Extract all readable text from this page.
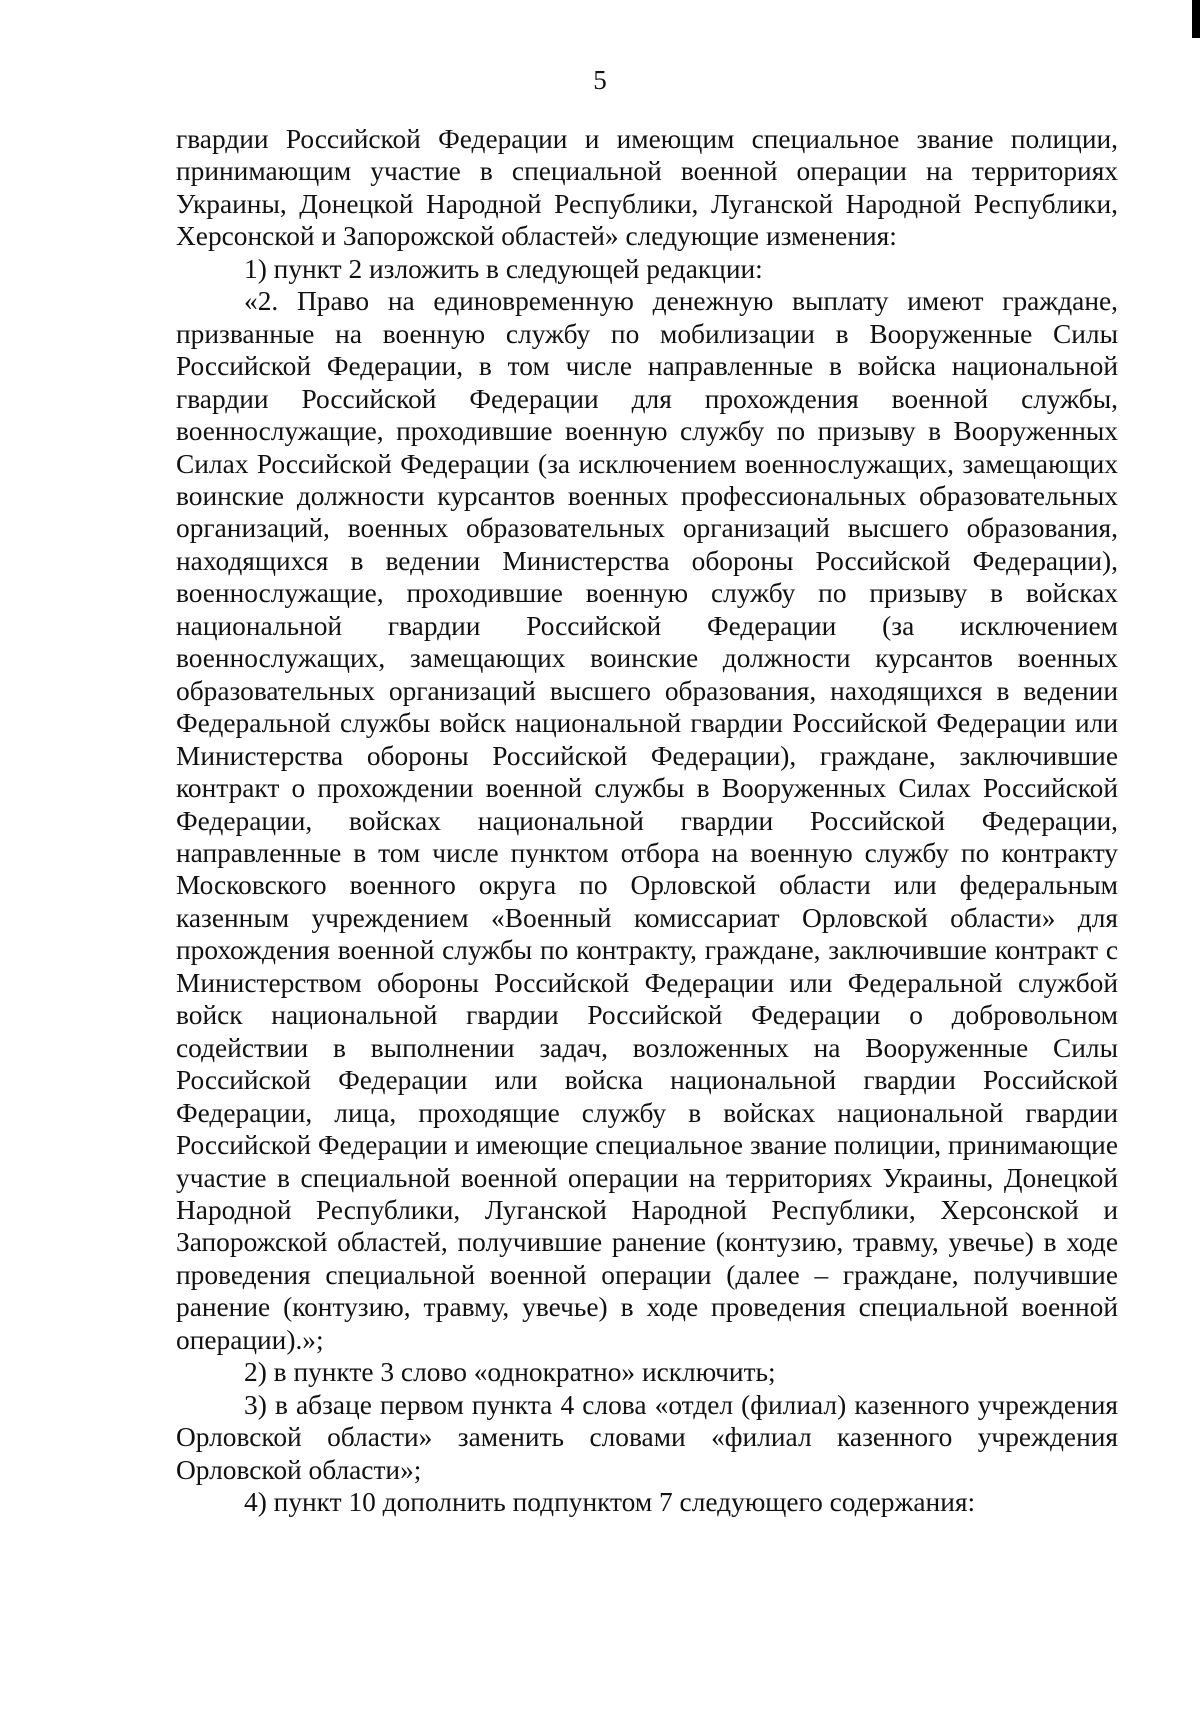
5

гвардии Российской Федерации и имеющим специальное звание полиции, принимающим участие в специальной военной операции на территориях Украины, Донецкой Народной Республики, Луганской Народной Республики, Херсонской и Запорожской областей» следующие изменения:

1) пункт 2 изложить в следующей редакции:

«2. Право на единовременную денежную выплату имеют граждане, призванные на военную службу по мобилизации в Вооруженные Силы Российской Федерации, в том числе направленные в войска национальной гвардии Российской Федерации для прохождения военной службы, военнослужащие, проходившие военную службу по призыву в Вооруженных Силах Российской Федерации (за исключением военнослужащих, замещающих воинские должности курсантов военных профессиональных образовательных организаций, военных образовательных организаций высшего образования, находящихся в ведении Министерства обороны Российской Федерации), военнослужащие, проходившие военную службу по призыву в войсках национальной гвардии Российской Федерации (за исключением военнослужащих, замещающих воинские должности курсантов военных образовательных организаций высшего образования, находящихся в ведении Федеральной службы войск национальной гвардии Российской Федерации или Министерства обороны Российской Федерации), граждане, заключившие контракт о прохождении военной службы в Вооруженных Силах Российской Федерации, войсках национальной гвардии Российской Федерации, направленные в том числе пунктом отбора на военную службу по контракту Московского военного округа по Орловской области или федеральным казенным учреждением «Военный комиссариат Орловской области» для прохождения военной службы по контракту, граждане, заключившие контракт с Министерством обороны Российской Федерации или Федеральной службой войск национальной гвардии Российской Федерации о добровольном содействии в выполнении задач, возложенных на Вооруженные Силы Российской Федерации или войска национальной гвардии Российской Федерации, лица, проходящие службу в войсках национальной гвардии Российской Федерации и имеющие специальное звание полиции, принимающие участие в специальной военной операции на территориях Украины, Донецкой Народной Республики, Луганской Народной Республики, Херсонской и Запорожской областей, получившие ранение (контузию, травму, увечье) в ходе проведения специальной военной операции (далее – граждане, получившие ранение (контузию, травму, увечье) в ходе проведения специальной военной операции).»;

2) в пункте 3 слово «однократно» исключить;

3) в абзаце первом пункта 4 слова «отдел (филиал) казенного учреждения Орловской области» заменить словами «филиал казенного учреждения Орловской области»;

4) пункт 10 дополнить подпунктом 7 следующего содержания:
